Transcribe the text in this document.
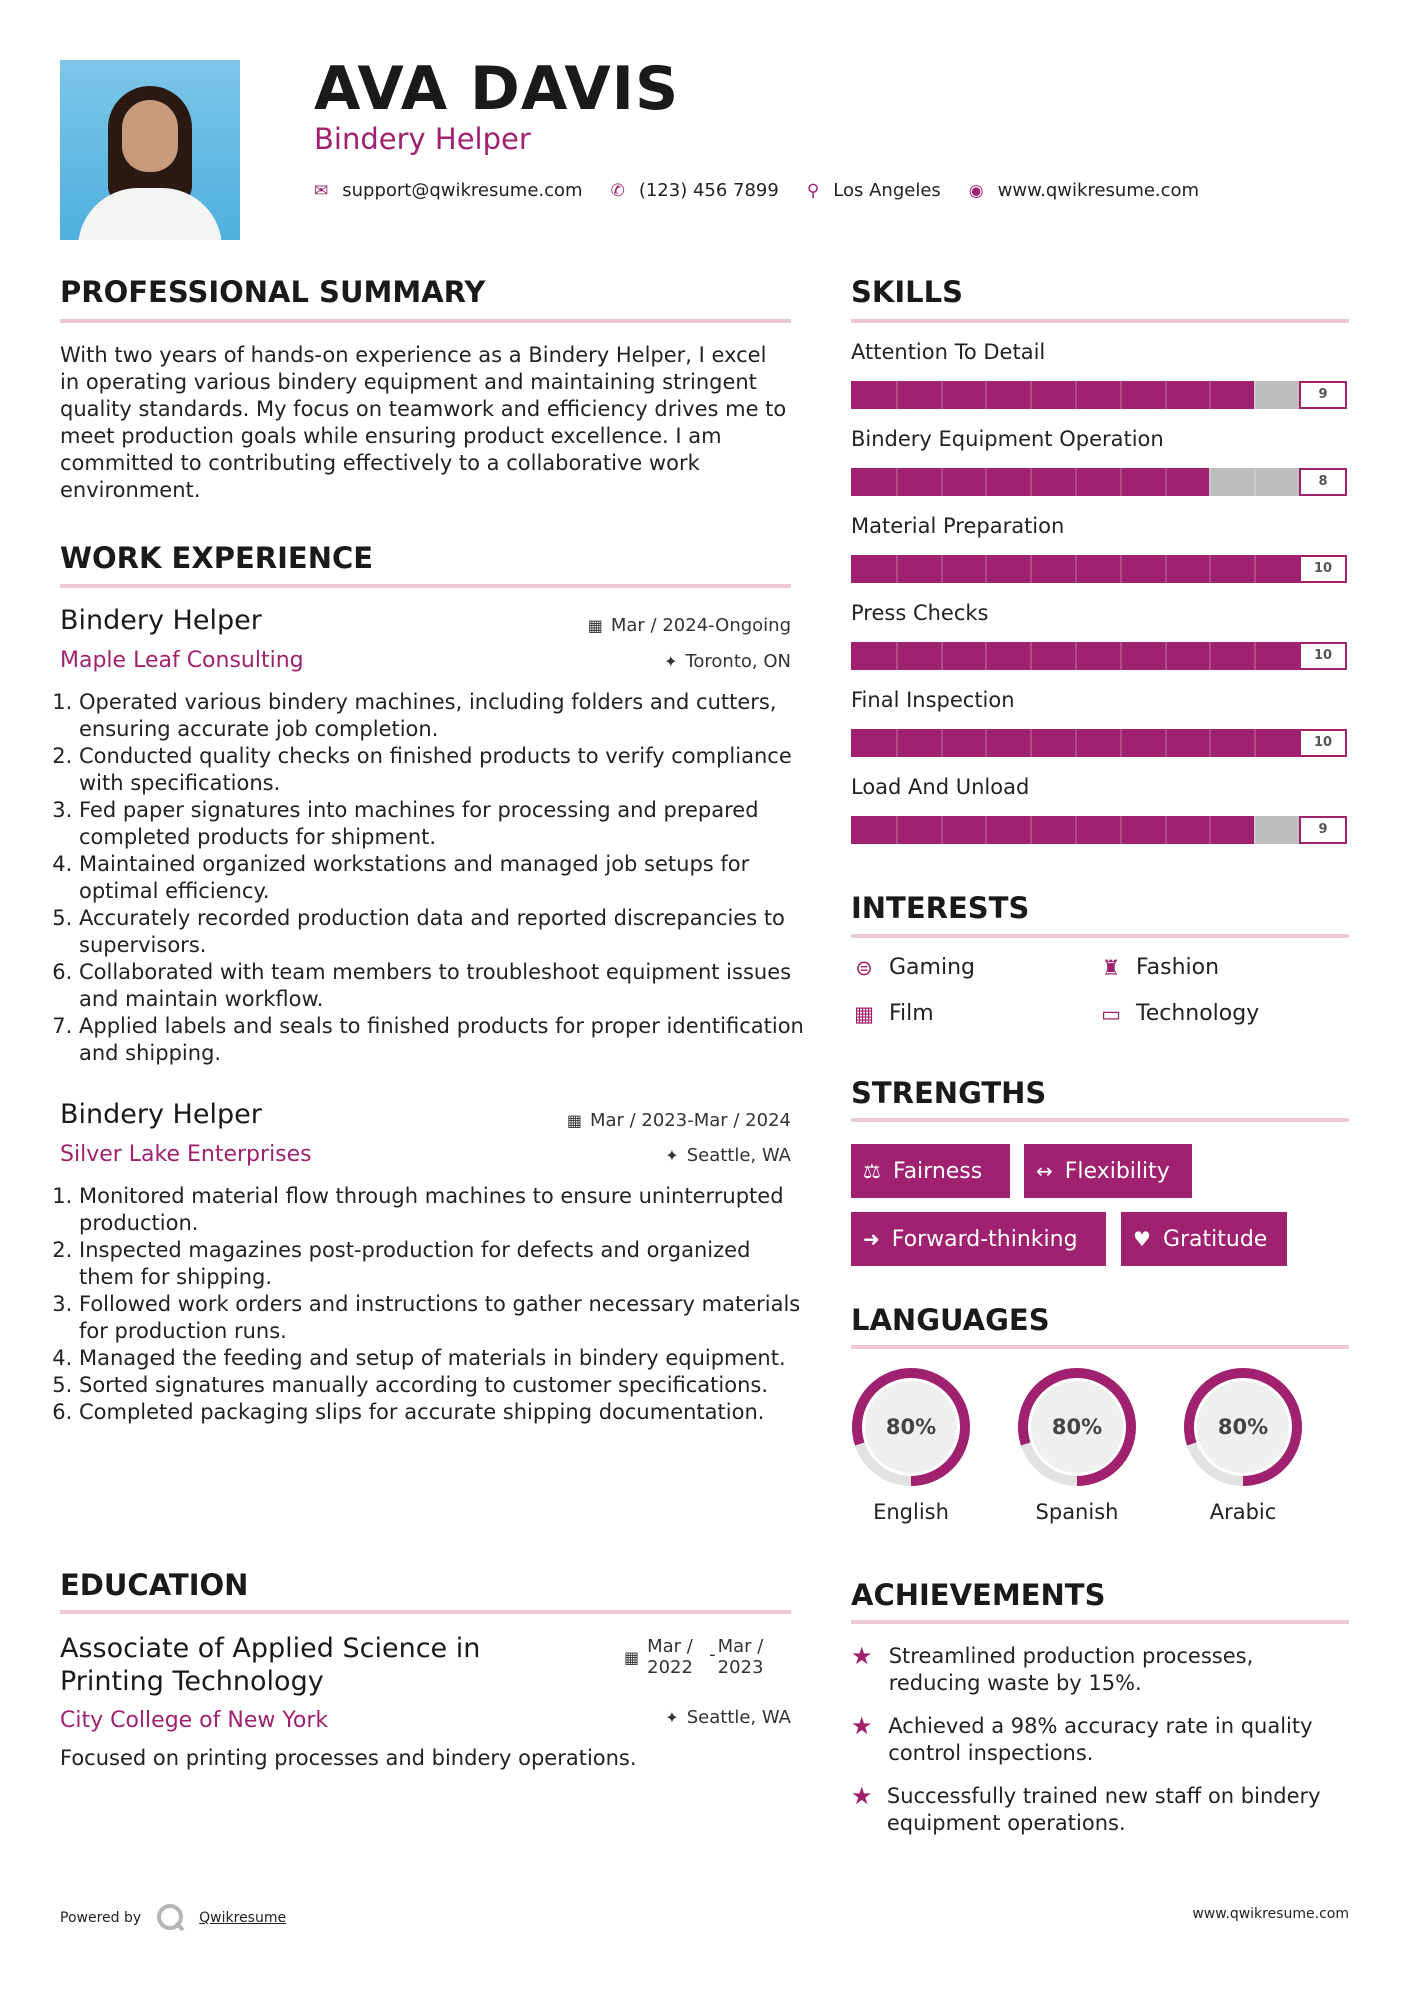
AVA DAVIS
Bindery Helper
✉ support@qwikresume.com ✆ (123) 456 7899 ⚲ Los Angeles ◉ www.qwikresume.com
PROFESSIONAL SUMMARY

With two years of hands-on experience as a Bindery Helper, I excel in operating various bindery equipment and maintaining stringent quality standards. My focus on teamwork and efficiency drives me to meet production goals while ensuring product excellence. I am committed to contributing effectively to a collaborative work environment.

WORK EXPERIENCE
Bindery Helper	▦ Mar / 2024-Ongoing
Maple Leaf Consulting	✦ Toronto, ON
1. Operated various bindery machines, including folders and cutters, ensuring accurate job completion.
2. Conducted quality checks on finished products to verify compliance with specifications.
3. Fed paper signatures into machines for processing and prepared completed products for shipment.
4. Maintained organized workstations and managed job setups for optimal efficiency.
5. Accurately recorded production data and reported discrepancies to supervisors.
6. Collaborated with team members to troubleshoot equipment issues and maintain workflow.
7. Applied labels and seals to finished products for proper identification and shipping.
Bindery Helper	▦ Mar / 2023-Mar / 2024
Silver Lake Enterprises	✦ Seattle, WA
1. Monitored material flow through machines to ensure uninterrupted production.
2. Inspected magazines post-production for defects and organized them for shipping.
3. Followed work orders and instructions to gather necessary materials for production runs.
4. Managed the feeding and setup of materials in bindery equipment.
5. Sorted signatures manually according to customer specifications.
6. Completed packaging slips for accurate shipping documentation.
EDUCATION
Associate of Applied Science in Printing Technology
▦
Mar / 2022
- Mar / 2023
City College of New York	✦ Seattle, WA
Focused on printing processes and bindery operations.
SKILLS
Attention To Detail
9
Bindery Equipment Operation
8
Material Preparation
10
Press Checks
10
Final Inspection
10
Load And Unload
9
INTERESTS
⊜ Gaming	♜ Fashion
▦ Film	▭ Technology
STRENGTHS
⚖ Fairness	↔ Flexibility
➜ Forward-thinking	♥ Gratitude
LANGUAGES
80%
English
80%
Spanish
80%
Arabic
ACHIEVEMENTS
★ Streamlined production processes, reducing waste by 15%.
★ Achieved a 98% accuracy rate in quality control inspections.
★ Successfully trained new staff on bindery equipment operations.
Powered by	Qwikresume	www.qwikresume.com
